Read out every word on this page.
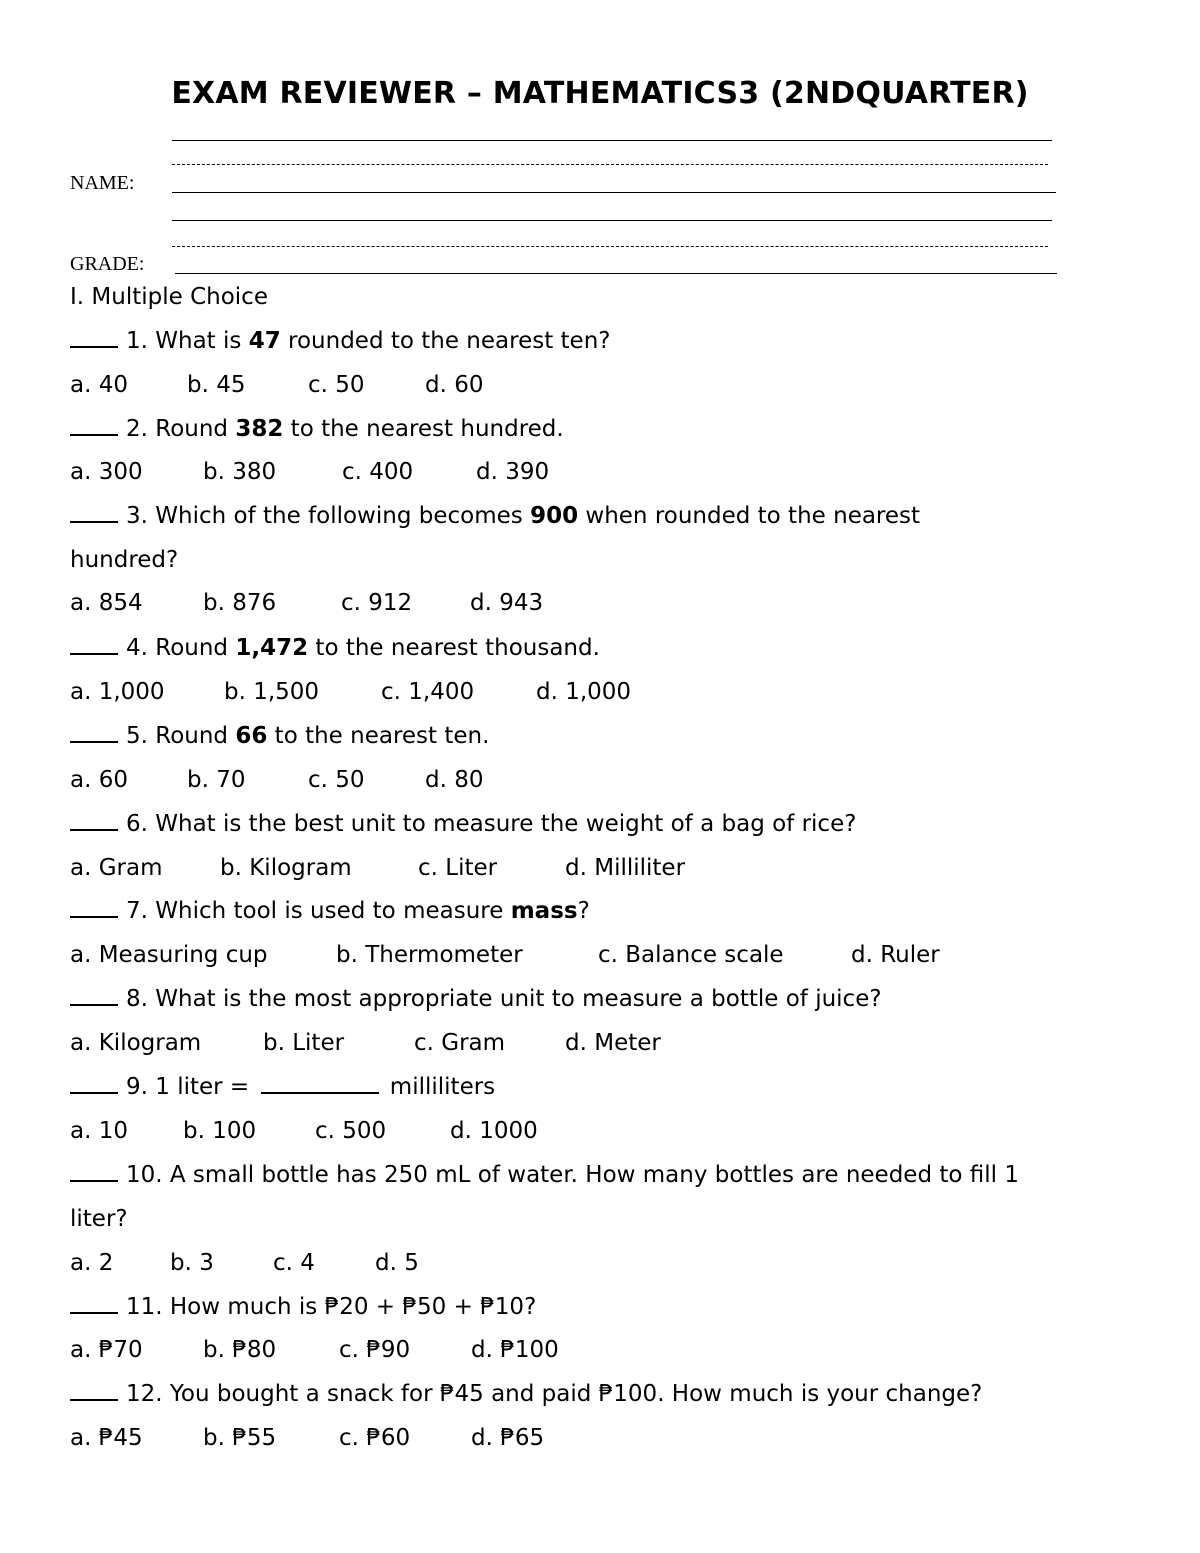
EXAM REVIEWER – MATHEMATICS3 (2NDQUARTER)
NAME:
GRADE:
I. Multiple Choice
1. What is 47 rounded to the nearest ten?
a. 40	b. 45	c. 50	d. 60
2. Round 382 to the nearest hundred.
a. 300	b. 380	c. 400	d. 390
3. Which of the following becomes 900 when rounded to the nearest
hundred?
a. 854	b. 876	c. 912	d. 943
4. Round 1,472 to the nearest thousand.
a. 1,000	b. 1,500	c. 1,400	d. 1,000
5. Round 66 to the nearest ten.
a. 60	b. 70	c. 50	d. 80
6. What is the best unit to measure the weight of a bag of rice?
a. Gram	b. Kilogram	c. Liter	d. Milliliter
7. Which tool is used to measure mass?
a. Measuring cup	b. Thermometer	c. Balance scale	d. Ruler
8. What is the most appropriate unit to measure a bottle of juice?
a. Kilogram	b. Liter	c. Gram	d. Meter
9. 1 liter =	milliliters
a. 10 b. 100	c. 500	d. 1000
10. A small bottle has 250 mL of water. How many bottles are needed to fill 1
liter?
a. 2 b. 3	c. 4	d. 5
11. How much is ₱20 + ₱50 + ₱10?
a. ₱70	b. ₱80	c. ₱90	d. ₱100
12. You bought a snack for ₱45 and paid ₱100. How much is your change?
a. ₱45	b. ₱55	c. ₱60	d. ₱65
